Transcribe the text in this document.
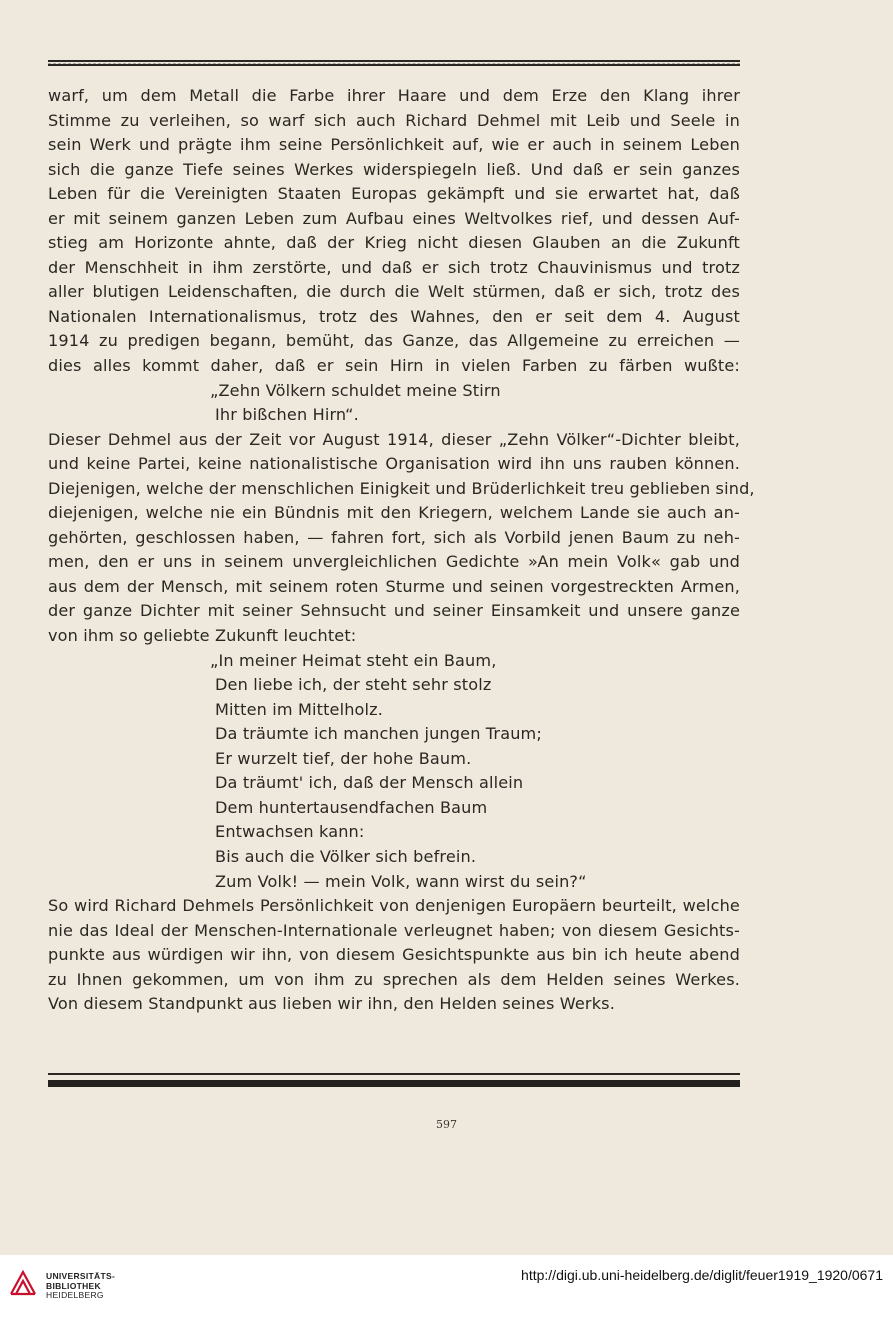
warf, um dem Metall die Farbe ihrer Haare und dem Erze den Klang ihrer
Stimme zu verleihen, so warf sich auch Richard Dehmel mit Leib und Seele in
sein Werk und prägte ihm seine Persönlichkeit auf, wie er auch in seinem Leben
sich die ganze Tiefe seines Werkes widerspiegeln ließ. Und daß er sein ganzes
Leben für die Vereinigten Staaten Europas gekämpft und sie erwartet hat, daß
er mit seinem ganzen Leben zum Aufbau eines Weltvolkes rief, und dessen Auf-
stieg am Horizonte ahnte, daß der Krieg nicht diesen Glauben an die Zukunft
der Menschheit in ihm zerstörte, und daß er sich trotz Chauvinismus und trotz
aller blutigen Leidenschaften, die durch die Welt stürmen, daß er sich, trotz des
Nationalen Internationalismus, trotz des Wahnes, den er seit dem 4. August
1914 zu predigen begann, bemüht, das Ganze, das Allgemeine zu erreichen —
dies alles kommt daher, daß er sein Hirn in vielen Farben zu färben wußte:
„Zehn Völkern schuldet meine Stirn
Ihr bißchen Hirn“.
Dieser Dehmel aus der Zeit vor August 1914, dieser „Zehn Völker“-Dichter bleibt,
und keine Partei, keine nationalistische Organisation wird ihn uns rauben können.
Diejenigen, welche der menschlichen Einigkeit und Brüderlichkeit treu geblieben sind,
diejenigen, welche nie ein Bündnis mit den Kriegern, welchem Lande sie auch an-
gehörten, geschlossen haben, — fahren fort, sich als Vorbild jenen Baum zu neh-
men, den er uns in seinem unvergleichlichen Gedichte »An mein Volk« gab und
aus dem der Mensch, mit seinem roten Sturme und seinen vorgestreckten Armen,
der ganze Dichter mit seiner Sehnsucht und seiner Einsamkeit und unsere ganze
von ihm so geliebte Zukunft leuchtet:
„In meiner Heimat steht ein Baum,
Den liebe ich, der steht sehr stolz
Mitten im Mittelholz.
Da träumte ich manchen jungen Traum;
Er wurzelt tief, der hohe Baum.
Da träumt' ich, daß der Mensch allein
Dem huntertausendfachen Baum
Entwachsen kann:
Bis auch die Völker sich befrein.
Zum Volk! — mein Volk, wann wirst du sein?“
So wird Richard Dehmels Persönlichkeit von denjenigen Europäern beurteilt, welche
nie das Ideal der Menschen-Internationale verleugnet haben; von diesem Gesichts-
punkte aus würdigen wir ihn, von diesem Gesichtspunkte aus bin ich heute abend
zu Ihnen gekommen, um von ihm zu sprechen als dem Helden seines Werkes.
Von diesem Standpunkt aus lieben wir ihn, den Helden seines Werks.
597
UNIVERSITÄTS-
BIBLIOTHEK
HEIDELBERG
http://digi.ub.uni-heidelberg.de/diglit/feuer1919_1920/0671
